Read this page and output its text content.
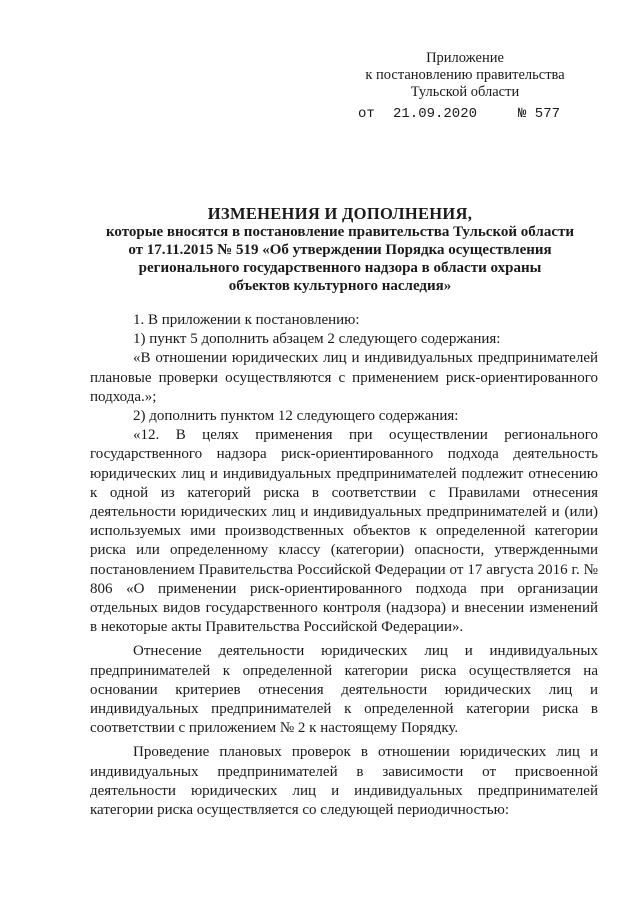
Приложение
к постановлению правительства
Тульской области
от 21.09.2020	№ 577
ИЗМЕНЕНИЯ И ДОПОЛНЕНИЯ,
которые вносятся в постановление правительства Тульской области
от 17.11.2015 № 519 «Об утверждении Порядка осуществления
регионального государственного надзора в области охраны
объектов культурного наследия»

1. В приложении к постановлению:

1) пункт 5 дополнить абзацем 2 следующего содержания:

«В отношении юридических лиц и индивидуальных предпринимателей плановые проверки осуществляются с применением риск-ориентированного подхода.»;

2) дополнить пунктом 12 следующего содержания:

«12. В целях применения при осуществлении регионального государственного надзора риск-ориентированного подхода деятельность юридических лиц и индивидуальных предпринимателей подлежит отнесению к одной из категорий риска в соответствии с Правилами отнесения деятельности юридических лиц и индивидуальных предпринимателей и (или) используемых ими производственных объектов к определенной категории риска или определенному классу (категории) опасности, утвержденными постановлением Правительства Российской Федерации от 17 августа 2016 г. № 806 «О применении риск-ориентированного подхода при организации отдельных видов государственного контроля (надзора) и внесении изменений в некоторые акты Правительства Российской Федерации».

Отнесение деятельности юридических лиц и индивидуальных предпринимателей к определенной категории риска осуществляется на основании критериев отнесения деятельности юридических лиц и индивидуальных предпринимателей к определенной категории риска в соответствии с приложением № 2 к настоящему Порядку.

Проведение плановых проверок в отношении юридических лиц и индивидуальных предпринимателей в зависимости от присвоенной деятельности юридических лиц и индивидуальных предпринимателей категории риска осуществляется со следующей периодичностью:
